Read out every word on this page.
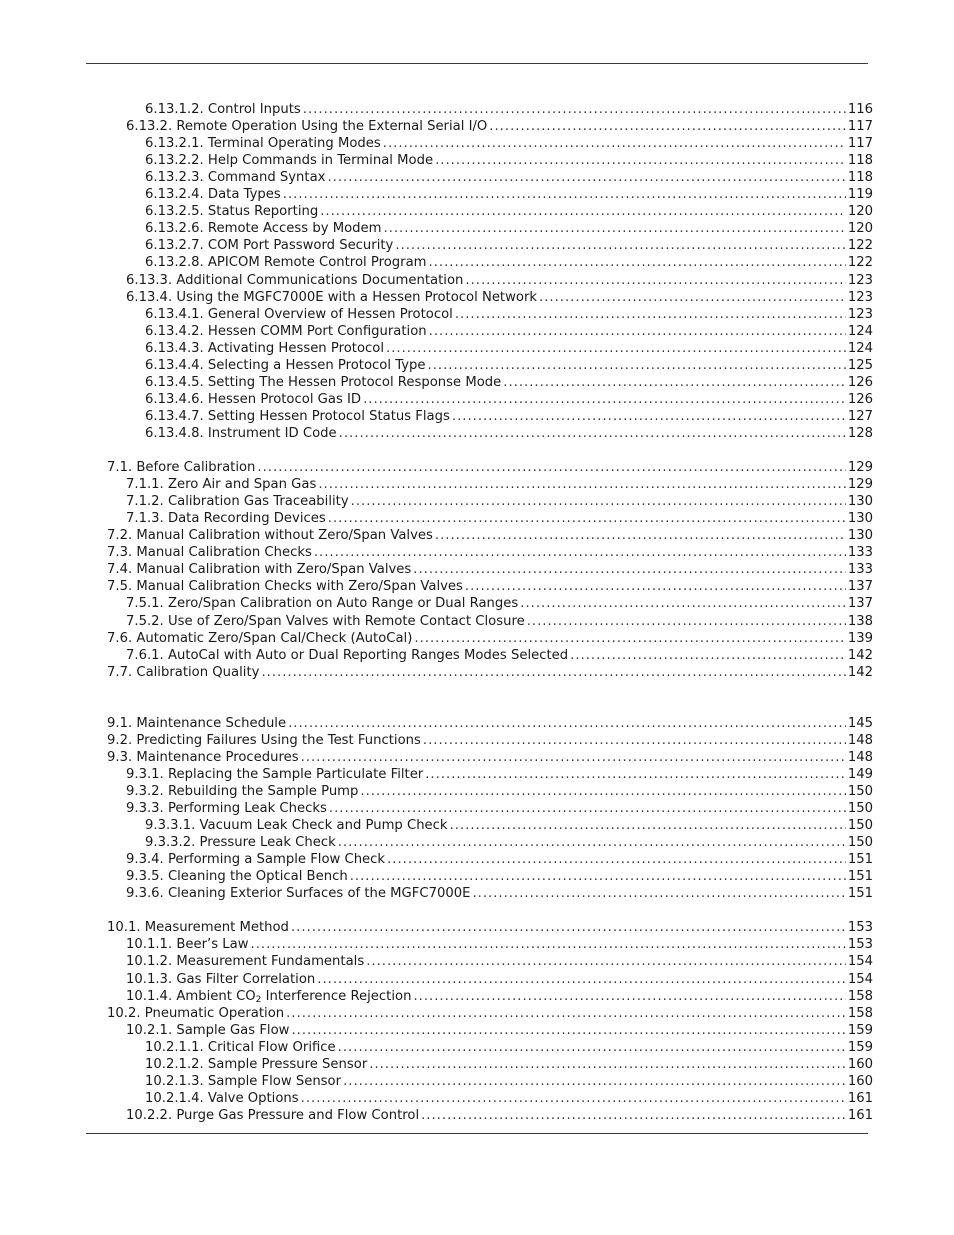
6.13.1.2. Control Inputs .....	116
6.13.2. Remote Operation Using the External Serial I/O .....	117
6.13.2.1. Terminal Operating Modes .....	117
6.13.2.2. Help Commands in Terminal Mode .....	118
6.13.2.3. Command Syntax .....	118
6.13.2.4. Data Types .....	119
6.13.2.5. Status Reporting .....	120
6.13.2.6. Remote Access by Modem .....	120
6.13.2.7. COM Port Password Security .....	122
6.13.2.8. APICOM Remote Control Program .....	122
6.13.3. Additional Communications Documentation .....	123
6.13.4. Using the MGFC7000E with a Hessen Protocol Network .....	123
6.13.4.1. General Overview of Hessen Protocol .....	123
6.13.4.2. Hessen COMM Port Configuration .....	124
6.13.4.3. Activating Hessen Protocol .....	124
6.13.4.4. Selecting a Hessen Protocol Type .....	125
6.13.4.5. Setting The Hessen Protocol Response Mode .....	126
6.13.4.6. Hessen Protocol Gas ID .....	126
6.13.4.7. Setting Hessen Protocol Status Flags .....	127
6.13.4.8. Instrument ID Code .....	128
7.1. Before Calibration .....	129
7.1.1. Zero Air and Span Gas .....	129
7.1.2. Calibration Gas Traceability .....	130
7.1.3. Data Recording Devices .....	130
7.2. Manual Calibration without Zero/Span Valves .....	130
7.3. Manual Calibration Checks .....	133
7.4. Manual Calibration with Zero/Span Valves .....	133
7.5. Manual Calibration Checks with Zero/Span Valves .....	137
7.5.1. Zero/Span Calibration on Auto Range or Dual Ranges .....	137
7.5.2. Use of Zero/Span Valves with Remote Contact Closure .....	138
7.6. Automatic Zero/Span Cal/Check (AutoCal) .....	139
7.6.1. AutoCal with Auto or Dual Reporting Ranges Modes Selected .....	142
7.7. Calibration Quality .....	142
9.1. Maintenance Schedule .....	145
9.2. Predicting Failures Using the Test Functions .....	148
9.3. Maintenance Procedures .....	148
9.3.1. Replacing the Sample Particulate Filter .....	149
9.3.2. Rebuilding the Sample Pump .....	150
9.3.3. Performing Leak Checks .....	150
9.3.3.1. Vacuum Leak Check and Pump Check .....	150
9.3.3.2. Pressure Leak Check .....	150
9.3.4. Performing a Sample Flow Check .....	151
9.3.5. Cleaning the Optical Bench .....	151
9.3.6. Cleaning Exterior Surfaces of the MGFC7000E .....	151
10.1. Measurement Method .....	153
10.1.1. Beer’s Law .....	153
10.1.2. Measurement Fundamentals .....	154
10.1.3. Gas Filter Correlation .....	154
10.1.4. Ambient $CO_2$ Interference Rejection .....	158
10.2. Pneumatic Operation .....	158
10.2.1. Sample Gas Flow .....	159
10.2.1.1. Critical Flow Orifice .....	159
10.2.1.2. Sample Pressure Sensor .....	160
10.2.1.3. Sample Flow Sensor .....	160
10.2.1.4. Valve Options .....	161
10.2.2. Purge Gas Pressure and Flow Control .....	161
